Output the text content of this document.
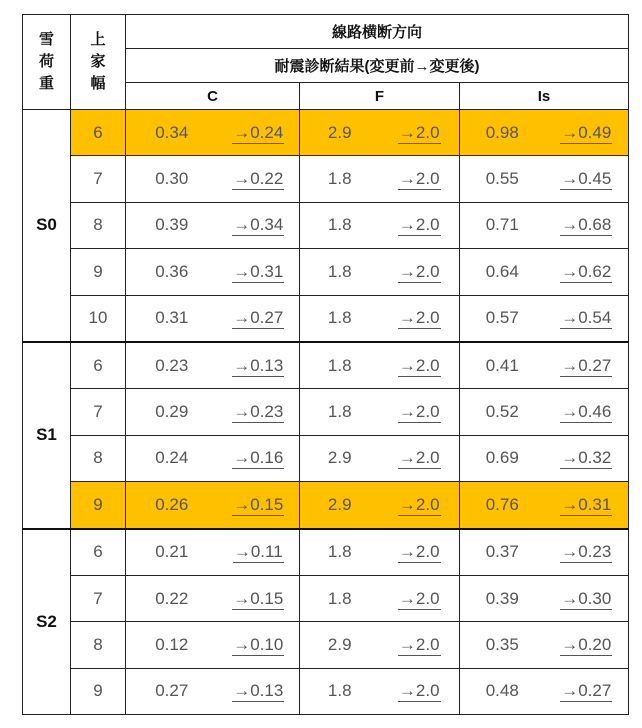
雪
荷
重	上
家
幅	線路横断方向					
		耐震診断結果(変更前→変更後)					
		C		F		Is	
S0	6	0.34	→0.24	2.9	→2.0	0.98	→0.49
	7	0.30	→0.22	1.8	→2.0	0.55	→0.45
	8	0.39	→0.34	1.8	→2.0	0.71	→0.68
	9	0.36	→0.31	1.8	→2.0	0.64	→0.62
	10	0.31	→0.27	1.8	→2.0	0.57	→0.54
S1	6	0.23	→0.13	1.8	→2.0	0.41	→0.27
	7	0.29	→0.23	1.8	→2.0	0.52	→0.46
	8	0.24	→0.16	2.9	→2.0	0.69	→0.32
	9	0.26	→0.15	2.9	→2.0	0.76	→0.31
S2	6	0.21	→0.11	1.8	→2.0	0.37	→0.23
	7	0.22	→0.15	1.8	→2.0	0.39	→0.30
	8	0.12	→0.10	2.9	→2.0	0.35	→0.20
	9	0.27	→0.13	1.8	→2.0	0.48	→0.27
